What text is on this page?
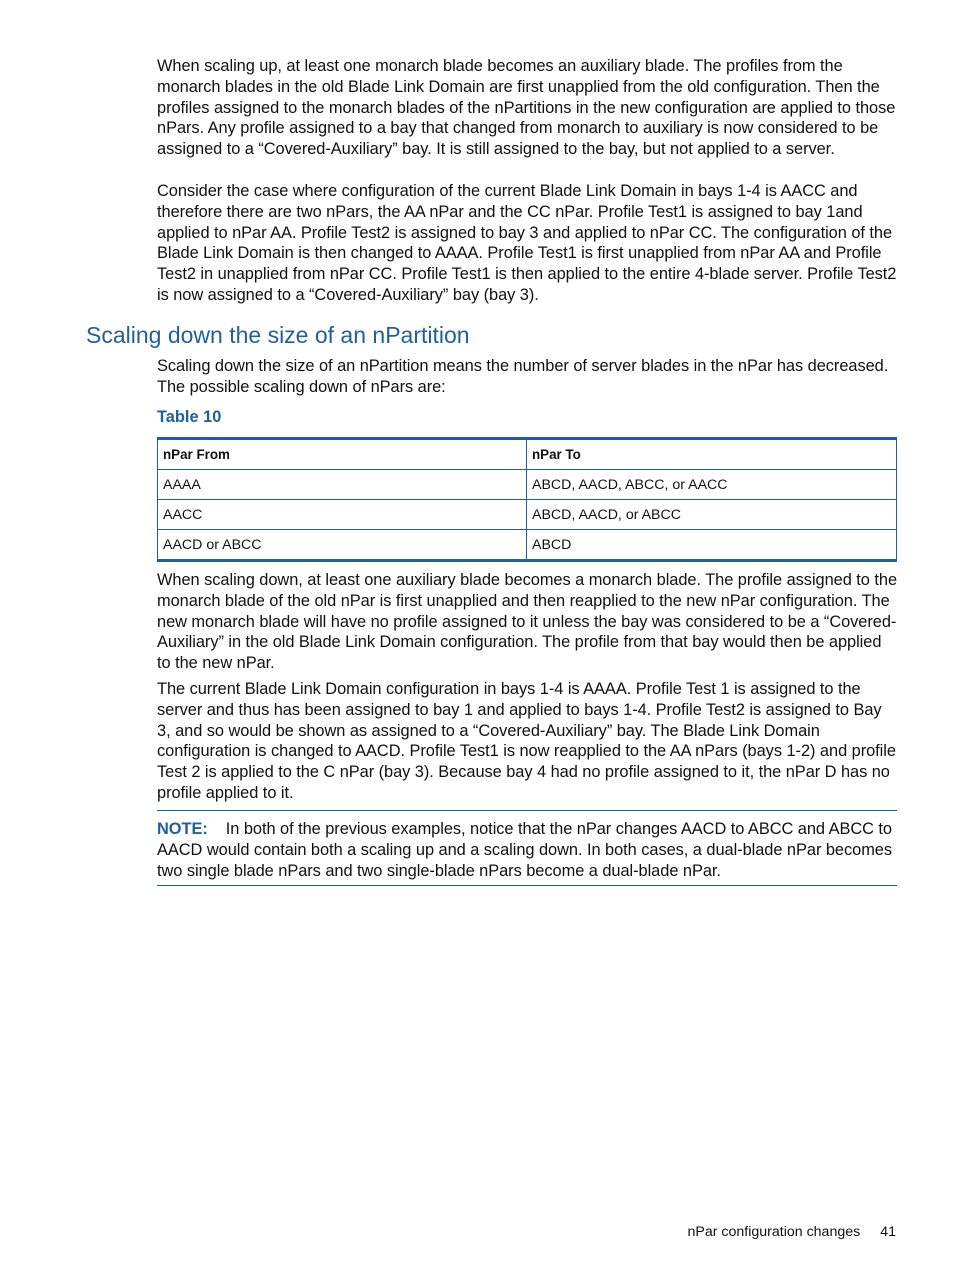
When scaling up, at least one monarch blade becomes an auxiliary blade. The profiles from the monarch blades in the old Blade Link Domain are first unapplied from the old configuration. Then the profiles assigned to the monarch blades of the nPartitions in the new configuration are applied to those nPars. Any profile assigned to a bay that changed from monarch to auxiliary is now considered to be assigned to a “Covered-Auxiliary” bay. It is still assigned to the bay, but not applied to a server.

Consider the case where configuration of the current Blade Link Domain in bays 1-4 is AACC and therefore there are two nPars, the AA nPar and the CC nPar. Profile Test1 is assigned to bay 1and applied to nPar AA. Profile Test2 is assigned to bay 3 and applied to nPar CC. The configuration of the Blade Link Domain is then changed to AAAA. Profile Test1 is first unapplied from nPar AA and Profile Test2 in unapplied from nPar CC. Profile Test1 is then applied to the entire 4-blade server. Profile Test2 is now assigned to a “Covered-Auxiliary” bay (bay 3).

Scaling down the size of an nPartition

Scaling down the size of an nPartition means the number of server blades in the nPar has decreased. The possible scaling down of nPars are:

Table 10
nPar From	nPar To
AAAA	ABCD, AACD, ABCC, or AACC
AACC	ABCD, AACD, or ABCC
AACD or ABCC	ABCD

When scaling down, at least one auxiliary blade becomes a monarch blade. The profile assigned to the monarch blade of the old nPar is first unapplied and then reapplied to the new nPar configuration. The new monarch blade will have no profile assigned to it unless the bay was considered to be a “Covered-Auxiliary” in the old Blade Link Domain configuration. The profile from that bay would then be applied to the new nPar.

The current Blade Link Domain configuration in bays 1-4 is AAAA. Profile Test 1 is assigned to the server and thus has been assigned to bay 1 and applied to bays 1-4. Profile Test2 is assigned to Bay 3, and so would be shown as assigned to a “Covered-Auxiliary” bay. The Blade Link Domain configuration is changed to AACD. Profile Test1 is now reapplied to the AA nPars (bays 1-2) and profile Test 2 is applied to the C nPar (bay 3). Because bay 4 had no profile assigned to it, the nPar D has no profile applied to it.

NOTE: In both of the previous examples, notice that the nPar changes AACD to ABCC and ABCC to AACD would contain both a scaling up and a scaling down. In both cases, a dual-blade nPar becomes two single blade nPars and two single-blade nPars become a dual-blade nPar.

nPar configuration changes 41
